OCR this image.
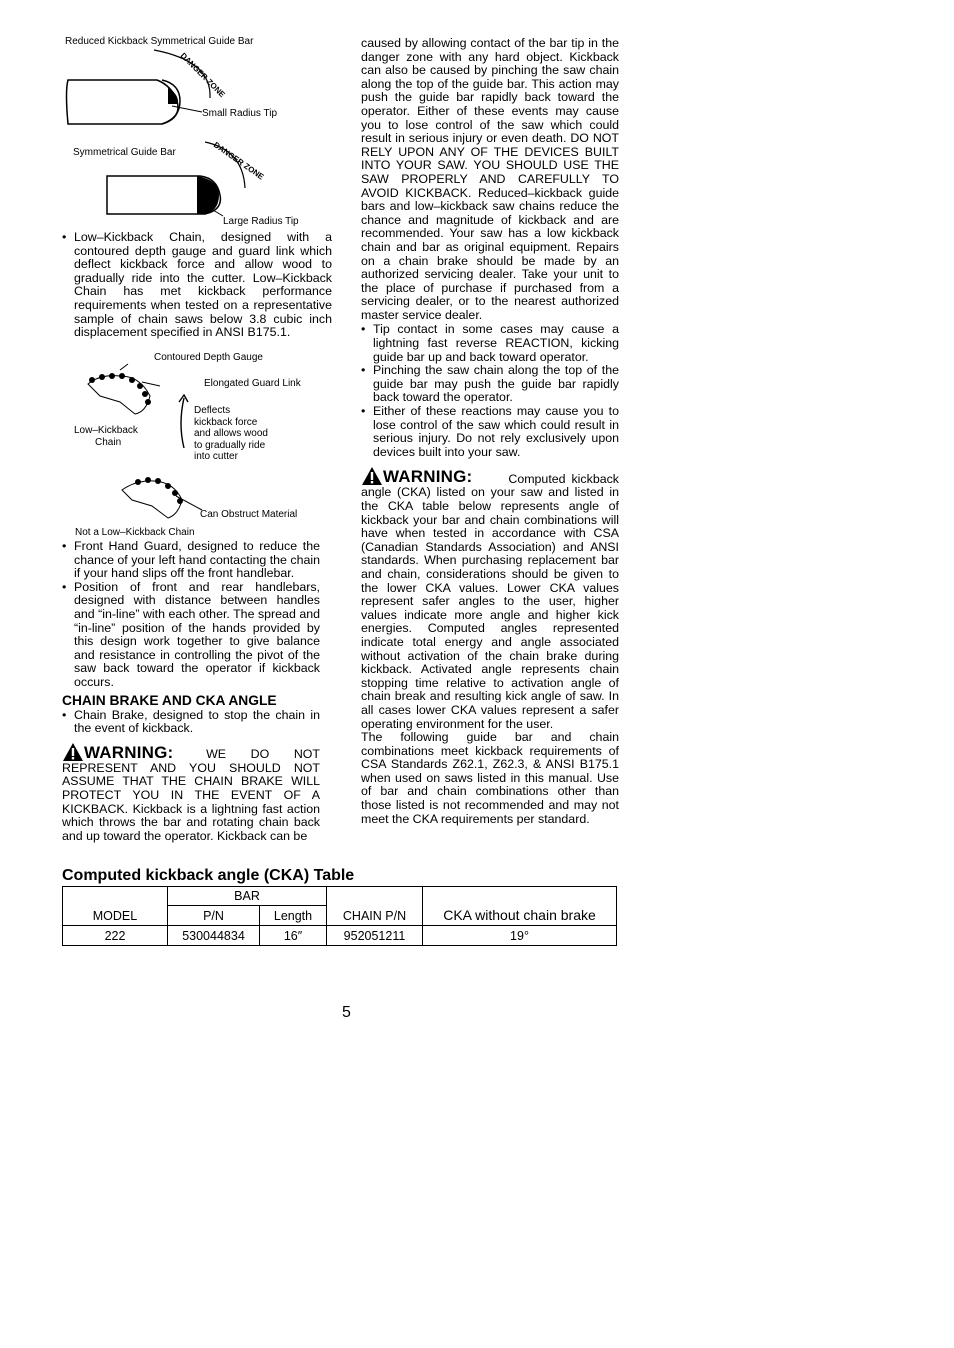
Reduced Kickback Symmetrical Guide Bar
DANGER ZONE
Small Radius Tip
Symmetrical Guide Bar	DANGER ZONE
Large Radius Tip
• Low–Kickback Chain, designed with a contoured depth gauge and guard link which deflect kickback force and allow wood to gradually ride into the cutter. Low–Kickback Chain has met kickback performance requirements when tested on a representative sample of chain saws below 3.8 cubic inch displacement specified in ANSI B175.1.
Contoured Depth Gauge
Elongated Guard Link
Low–Kickback
Chain
Deflects
kickback force
and allows wood
to gradually ride
into cutter
Can Obstruct Material
Not a Low–Kickback Chain
• Front Hand Guard, designed to reduce the chance of your left hand contacting the chain if your hand slips off the front handlebar.
• Position of front and rear handlebars, designed with distance between handles and “in-line” with each other. The spread and “in-line” position of the hands provided by this design work together to give balance and resistance in controlling the pivot of the saw back toward the operator if kickback occurs.
CHAIN BRAKE AND CKA ANGLE
• Chain Brake, designed to stop the chain in the event of kickback.
WARNING:	WE DO NOT REPRESENT AND YOU SHOULD NOT ASSUME THAT THE CHAIN BRAKE WILL PROTECT YOU IN THE EVENT OF A KICKBACK. Kickback is a lightning fast action which throws the bar and rotating chain back and up toward the operator. Kickback can be
caused by allowing contact of the bar tip in the danger zone with any hard object. Kickback can also be caused by pinching the saw chain along the top of the guide bar. This action may push the guide bar rapidly back toward the operator. Either of these events may cause you to lose control of the saw which could result in serious injury or even death. DO NOT RELY UPON ANY OF THE DEVICES BUILT INTO YOUR SAW. YOU SHOULD USE THE SAW PROPERLY AND CAREFULLY TO AVOID KICKBACK. Reduced–kickback guide bars and low–kickback saw chains reduce the chance and magnitude of kickback and are recommended. Your saw has a low kickback chain and bar as original equipment. Repairs on a chain brake should be made by an authorized servicing dealer. Take your unit to the place of purchase if purchased from a servicing dealer, or to the nearest authorized master service dealer.
• Tip contact in some cases may cause a lightning fast reverse REACTION, kicking guide bar up and back toward operator.
• Pinching the saw chain along the top of the guide bar may push the guide bar rapidly back toward the operator.
• Either of these reactions may cause you to lose control of the saw which could result in serious injury. Do not rely exclusively upon devices built into your saw.
WARNING:	Computed kickback angle (CKA) listed on your saw and listed in the CKA table below represents angle of kickback your bar and chain combinations will have when tested in accordance with CSA (Canadian Standards Association) and ANSI standards. When purchasing replacement bar and chain, considerations should be given to the lower CKA values. Lower CKA values represent safer angles to the user, higher values indicate more angle and higher kick energies. Computed angles represented indicate total energy and angle associated without activation of the chain brake during kickback. Activated angle represents chain stopping time relative to activation angle of chain break and resulting kick angle of saw. In all cases lower CKA values represent a safer operating environment for the user.
The following guide bar and chain combinations meet kickback requirements of CSA Standards Z62.1, Z62.3, & ANSI B175.1 when used on saws listed in this manual. Use of bar and chain combinations other than those listed is not recommended and may not meet the CKA requirements per standard.
Computed kickback angle (CKA) Table
MODEL	BAR		CHAIN P/N	CKA without chain brake
	P/N	Length		
222	530044834	16″	952051211	19°
5
